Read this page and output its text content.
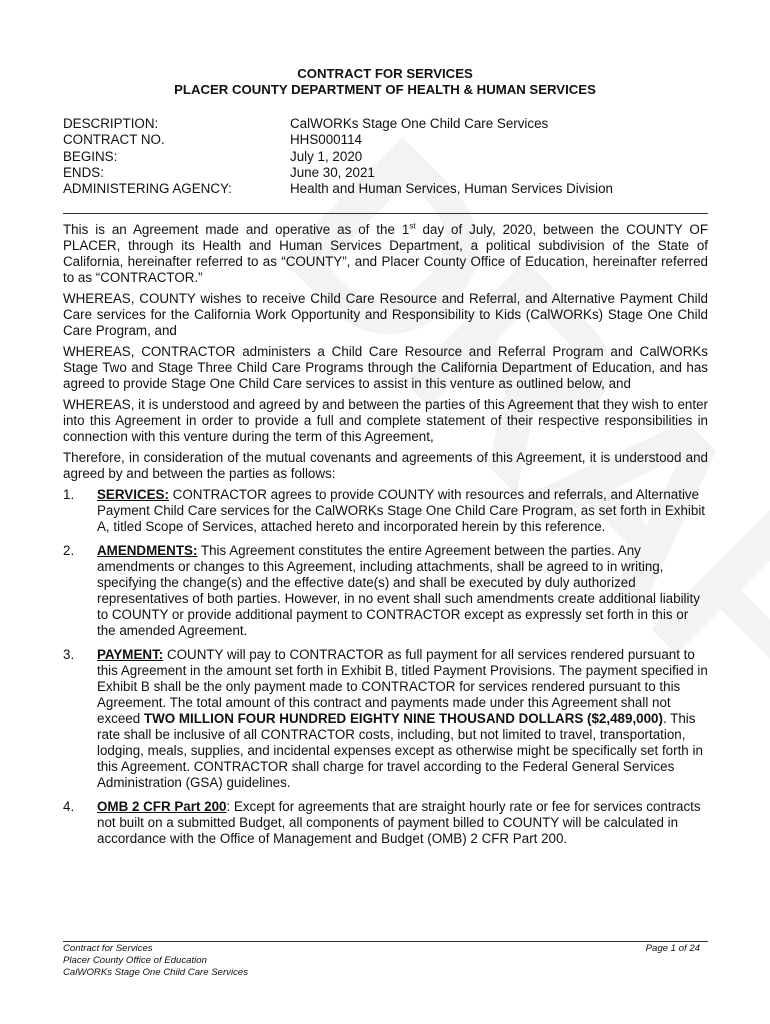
CONTRACT FOR SERVICES
PLACER COUNTY DEPARTMENT OF HEALTH & HUMAN SERVICES
DESCRIPTION:	CalWORKs Stage One Child Care Services
CONTRACT NO.	HHS000114
BEGINS:	July 1, 2020
ENDS:	June 30, 2021
ADMINISTERING AGENCY:	Health and Human Services, Human Services Division

This is an Agreement made and operative as of the 1st day of July, 2020, between the COUNTY OF PLACER, through its Health and Human Services Department, a political subdivision of the State of California, hereinafter referred to as “COUNTY”, and Placer County Office of Education, hereinafter referred to as “CONTRACTOR.”

WHEREAS, COUNTY wishes to receive Child Care Resource and Referral, and Alternative Payment Child Care services for the California Work Opportunity and Responsibility to Kids (CalWORKs) Stage One Child Care Program, and

WHEREAS, CONTRACTOR administers a Child Care Resource and Referral Program and CalWORKs Stage Two and Stage Three Child Care Programs through the California Department of Education, and has agreed to provide Stage One Child Care services to assist in this venture as outlined below, and

WHEREAS, it is understood and agreed by and between the parties of this Agreement that they wish to enter into this Agreement in order to provide a full and complete statement of their respective responsibilities in connection with this venture during the term of this Agreement,

Therefore, in consideration of the mutual covenants and agreements of this Agreement, it is understood and agreed by and between the parties as follows:

1.	SERVICES: CONTRACTOR agrees to provide COUNTY with resources and referrals, and Alternative Payment Child Care services for the CalWORKs Stage One Child Care Program, as set forth in Exhibit A, titled Scope of Services, attached hereto and incorporated herein by this reference.
2.	AMENDMENTS: This Agreement constitutes the entire Agreement between the parties. Any amendments or changes to this Agreement, including attachments, shall be agreed to in writing, specifying the change(s) and the effective date(s) and shall be executed by duly authorized representatives of both parties. However, in no event shall such amendments create additional liability to COUNTY or provide additional payment to CONTRACTOR except as expressly set forth in this or the amended Agreement.
3.	PAYMENT: COUNTY will pay to CONTRACTOR as full payment for all services rendered pursuant to this Agreement in the amount set forth in Exhibit B, titled Payment Provisions. The payment specified in Exhibit B shall be the only payment made to CONTRACTOR for services rendered pursuant to this Agreement. The total amount of this contract and payments made under this Agreement shall not exceed TWO MILLION FOUR HUNDRED EIGHTY NINE THOUSAND DOLLARS ($2,489,000). This rate shall be inclusive of all CONTRACTOR costs, including, but not limited to travel, transportation, lodging, meals, supplies, and incidental expenses except as otherwise might be specifically set forth in this Agreement. CONTRACTOR shall charge for travel according to the Federal General Services Administration (GSA) guidelines.
4.	OMB 2 CFR Part 200: Except for agreements that are straight hourly rate or fee for services contracts not built on a submitted Budget, all components of payment billed to COUNTY will be calculated in accordance with the Office of Management and Budget (OMB) 2 CFR Part 200.
Contract for Services
Placer County Office of Education
CalWORKs Stage One Child Care Services
Page 1 of 24
